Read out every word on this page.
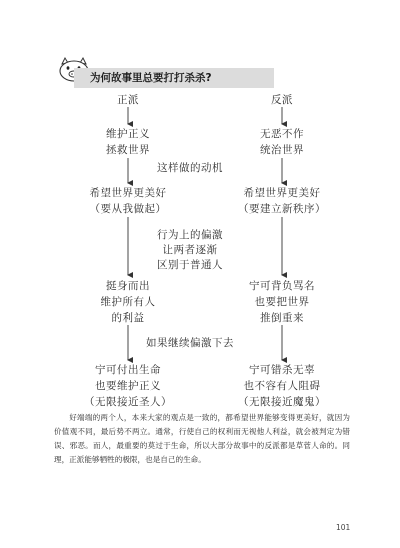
为何故事里总要打打杀杀?
正派
维护正义
拯救世界
希望世界更美好
（要从我做起）
挺身而出
维护所有人
的利益
宁可付出生命
也要维护正义
（无限接近圣人）
反派
无恶不作
统治世界
希望世界更美好
（要建立新秩序）
宁可背负骂名
也要把世界
推倒重来
宁可错杀无辜
也不容有人阻碍
（无限接近魔鬼）
这样做的动机
行为上的偏激
让两者逐渐
区别于普通人
如果继续偏激下去

好端端的两个人，本来大家的观点是一致的，都希望世界能够变得更美好，就因为价值观不同，最后势不两立。通常，行使自己的权利而无视他人利益，就会被判定为错误、邪恶。而人，最重要的莫过于生命，所以大部分故事中的反派都是草菅人命的。同理，正派能够牺牲的极限，也是自己的生命。

101
